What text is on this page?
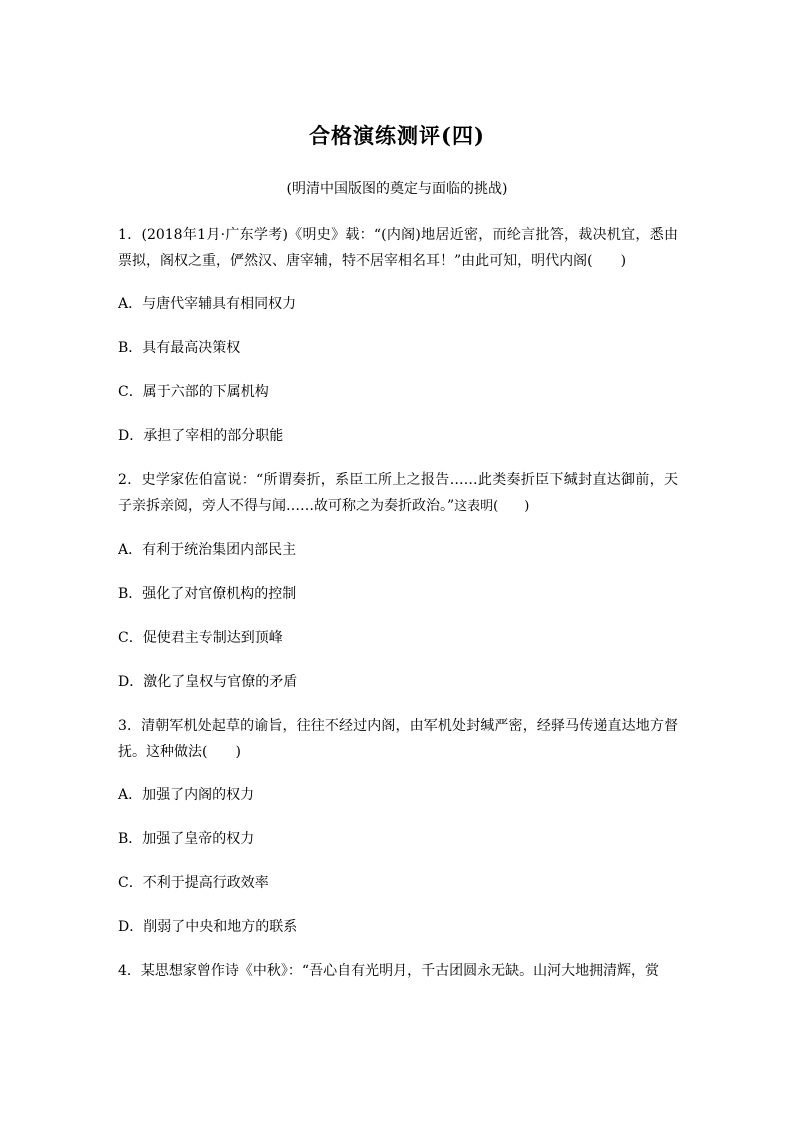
合格演练测评(四)
(明清中国版图的奠定与面临的挑战)

1．(2018年1月·广东学考)《明史》载：“(内阁)地居近密，而纶言批答，裁决机宜，悉由票拟，阁权之重，俨然汉、唐宰辅，特不居宰相名耳！”由此可知，明代内阁(　　)

A．与唐代宰辅具有相同权力
B．具有最高决策权
C．属于六部的下属机构
D．承担了宰相的部分职能

2．史学家佐伯富说：“所谓奏折，系臣工所上之报告……此类奏折臣下缄封直达御前，天子亲拆亲阅，旁人不得与闻……故可称之为奏折政治。”这表明(　　)

A．有利于统治集团内部民主
B．强化了对官僚机构的控制
C．促使君主专制达到顶峰
D．激化了皇权与官僚的矛盾

3．清朝军机处起草的谕旨，往往不经过内阁，由军机处封缄严密，经驿马传递直达地方督抚。这种做法(　　)

A．加强了内阁的权力
B．加强了皇帝的权力
C．不利于提高行政效率
D．削弱了中央和地方的联系

4．某思想家曾作诗《中秋》：“吾心自有光明月，千古团圆永无缺。山河大地拥清辉，赏
